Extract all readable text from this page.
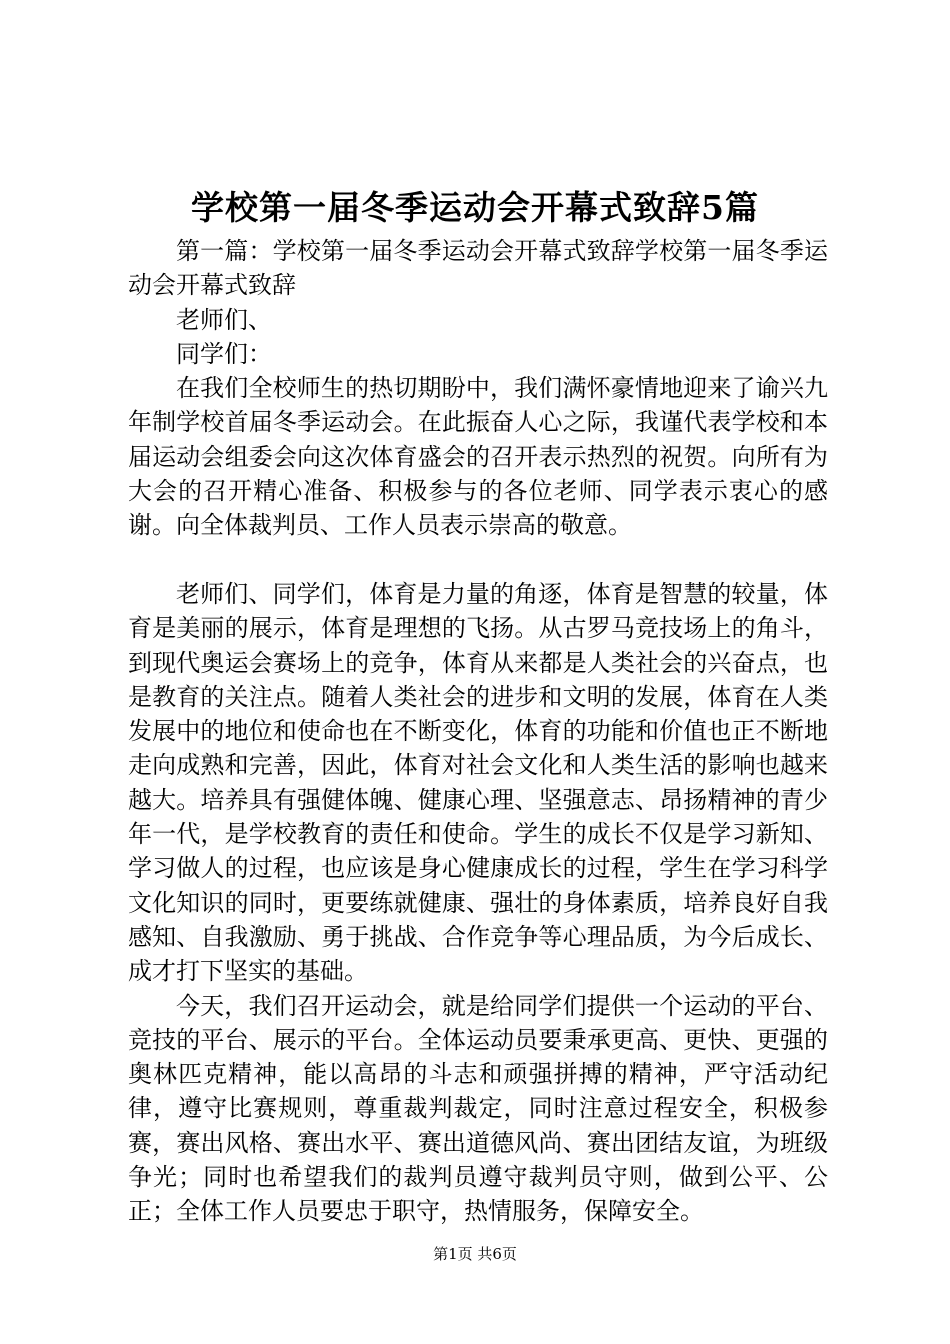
学校第一届冬季运动会开幕式致辞5篇

第一篇：学校第一届冬季运动会开幕式致辞学校第一届冬季运动会开幕式致辞

老师们、

同学们：

在我们全校师生的热切期盼中，我们满怀豪情地迎来了谕兴九年制学校首届冬季运动会。在此振奋人心之际，我谨代表学校和本届运动会组委会向这次体育盛会的召开表示热烈的祝贺。向所有为大会的召开精心准备、积极参与的各位老师、同学表示衷心的感谢。向全体裁判员、工作人员表示崇高的敬意。

老师们、同学们，体育是力量的角逐，体育是智慧的较量，体育是美丽的展示，体育是理想的飞扬。从古罗马竞技场上的角斗，到现代奥运会赛场上的竞争，体育从来都是人类社会的兴奋点，也是教育的关注点。随着人类社会的进步和文明的发展，体育在人类发展中的地位和使命也在不断变化，体育的功能和价值也正不断地走向成熟和完善，因此，体育对社会文化和人类生活的影响也越来越大。培养具有强健体魄、健康心理、坚强意志、昂扬精神的青少年一代，是学校教育的责任和使命。学生的成长不仅是学习新知、学习做人的过程，也应该是身心健康成长的过程，学生在学习科学文化知识的同时，更要练就健康、强壮的身体素质，培养良好自我感知、自我激励、勇于挑战、合作竞争等心理品质，为今后成长、成才打下坚实的基础。

今天，我们召开运动会，就是给同学们提供一个运动的平台、竞技的平台、展示的平台。全体运动员要秉承更高、更快、更强的奥林匹克精神，能以高昂的斗志和顽强拼搏的精神，严守活动纪律，遵守比赛规则，尊重裁判裁定，同时注意过程安全，积极参赛，赛出风格、赛出水平、赛出道德风尚、赛出团结友谊，为班级争光；同时也希望我们的裁判员遵守裁判员守则，做到公平、公正；全体工作人员要忠于职守，热情服务，保障安全。

第1页 共6页
